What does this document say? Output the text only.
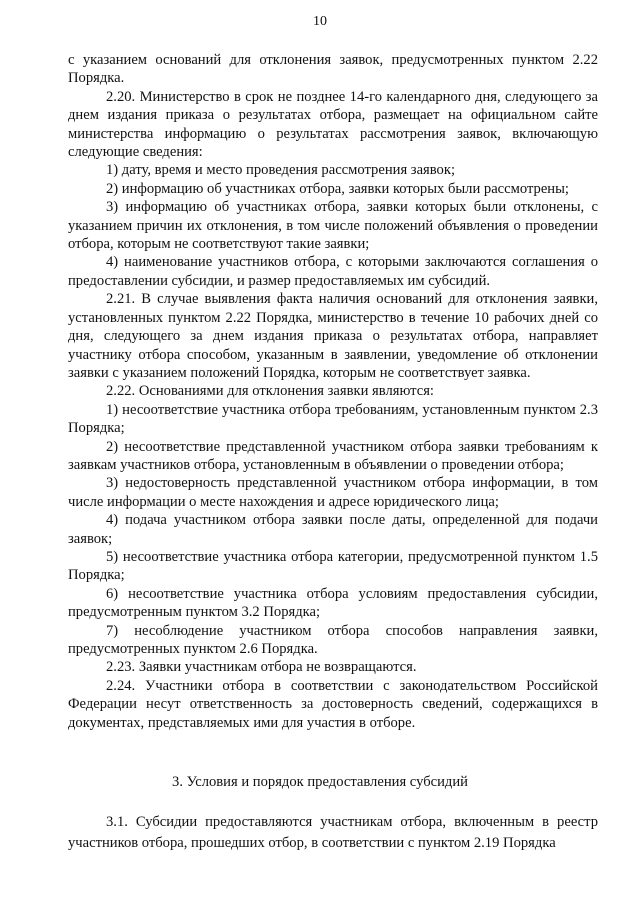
10

с указанием оснований для отклонения заявок, предусмотренных пунктом 2.22 Порядка.

2.20. Министерство в срок не позднее 14-го календарного дня, следующего за днем издания приказа о результатах отбора, размещает на официальном сайте министерства информацию о результатах рассмотрения заявок, включающую следующие сведения:

1) дату, время и место проведения рассмотрения заявок;

2) информацию об участниках отбора, заявки которых были рассмотрены;

3) информацию об участниках отбора, заявки которых были отклонены, с указанием причин их отклонения, в том числе положений объявления о проведении отбора, которым не соответствуют такие заявки;

4) наименование участников отбора, с которыми заключаются соглашения о предоставлении субсидии, и размер предоставляемых им субсидий.

2.21. В случае выявления факта наличия оснований для отклонения заявки, установленных пунктом 2.22 Порядка, министерство в течение 10 рабочих дней со дня, следующего за днем издания приказа о результатах отбора, направляет участнику отбора способом, указанным в заявлении, уведомление об отклонении заявки с указанием положений Порядка, которым не соответствует заявка.

2.22. Основаниями для отклонения заявки являются:

1) несоответствие участника отбора требованиям, установленным пунктом 2.3 Порядка;

2) несоответствие представленной участником отбора заявки требованиям к заявкам участников отбора, установленным в объявлении о проведении отбора;

3) недостоверность представленной участником отбора информации, в том числе информации о месте нахождения и адресе юридического лица;

4) подача участником отбора заявки после даты, определенной для подачи заявок;

5) несоответствие участника отбора категории, предусмотренной пунктом 1.5 Порядка;

6) несоответствие участника отбора условиям предоставления субсидии, предусмотренным пунктом 3.2 Порядка;

7) несоблюдение участником отбора способов направления заявки, предусмотренных пунктом 2.6 Порядка.

2.23. Заявки участникам отбора не возвращаются.

2.24. Участники отбора в соответствии с законодательством Российской Федерации несут ответственность за достоверность сведений, содержащихся в документах, представляемых ими для участия в отборе.

3. Условия и порядок предоставления субсидий

3.1. Субсидии предоставляются участникам отбора, включенным в реестр участников отбора, прошедших отбор, в соответствии с пунктом 2.19 Порядка
